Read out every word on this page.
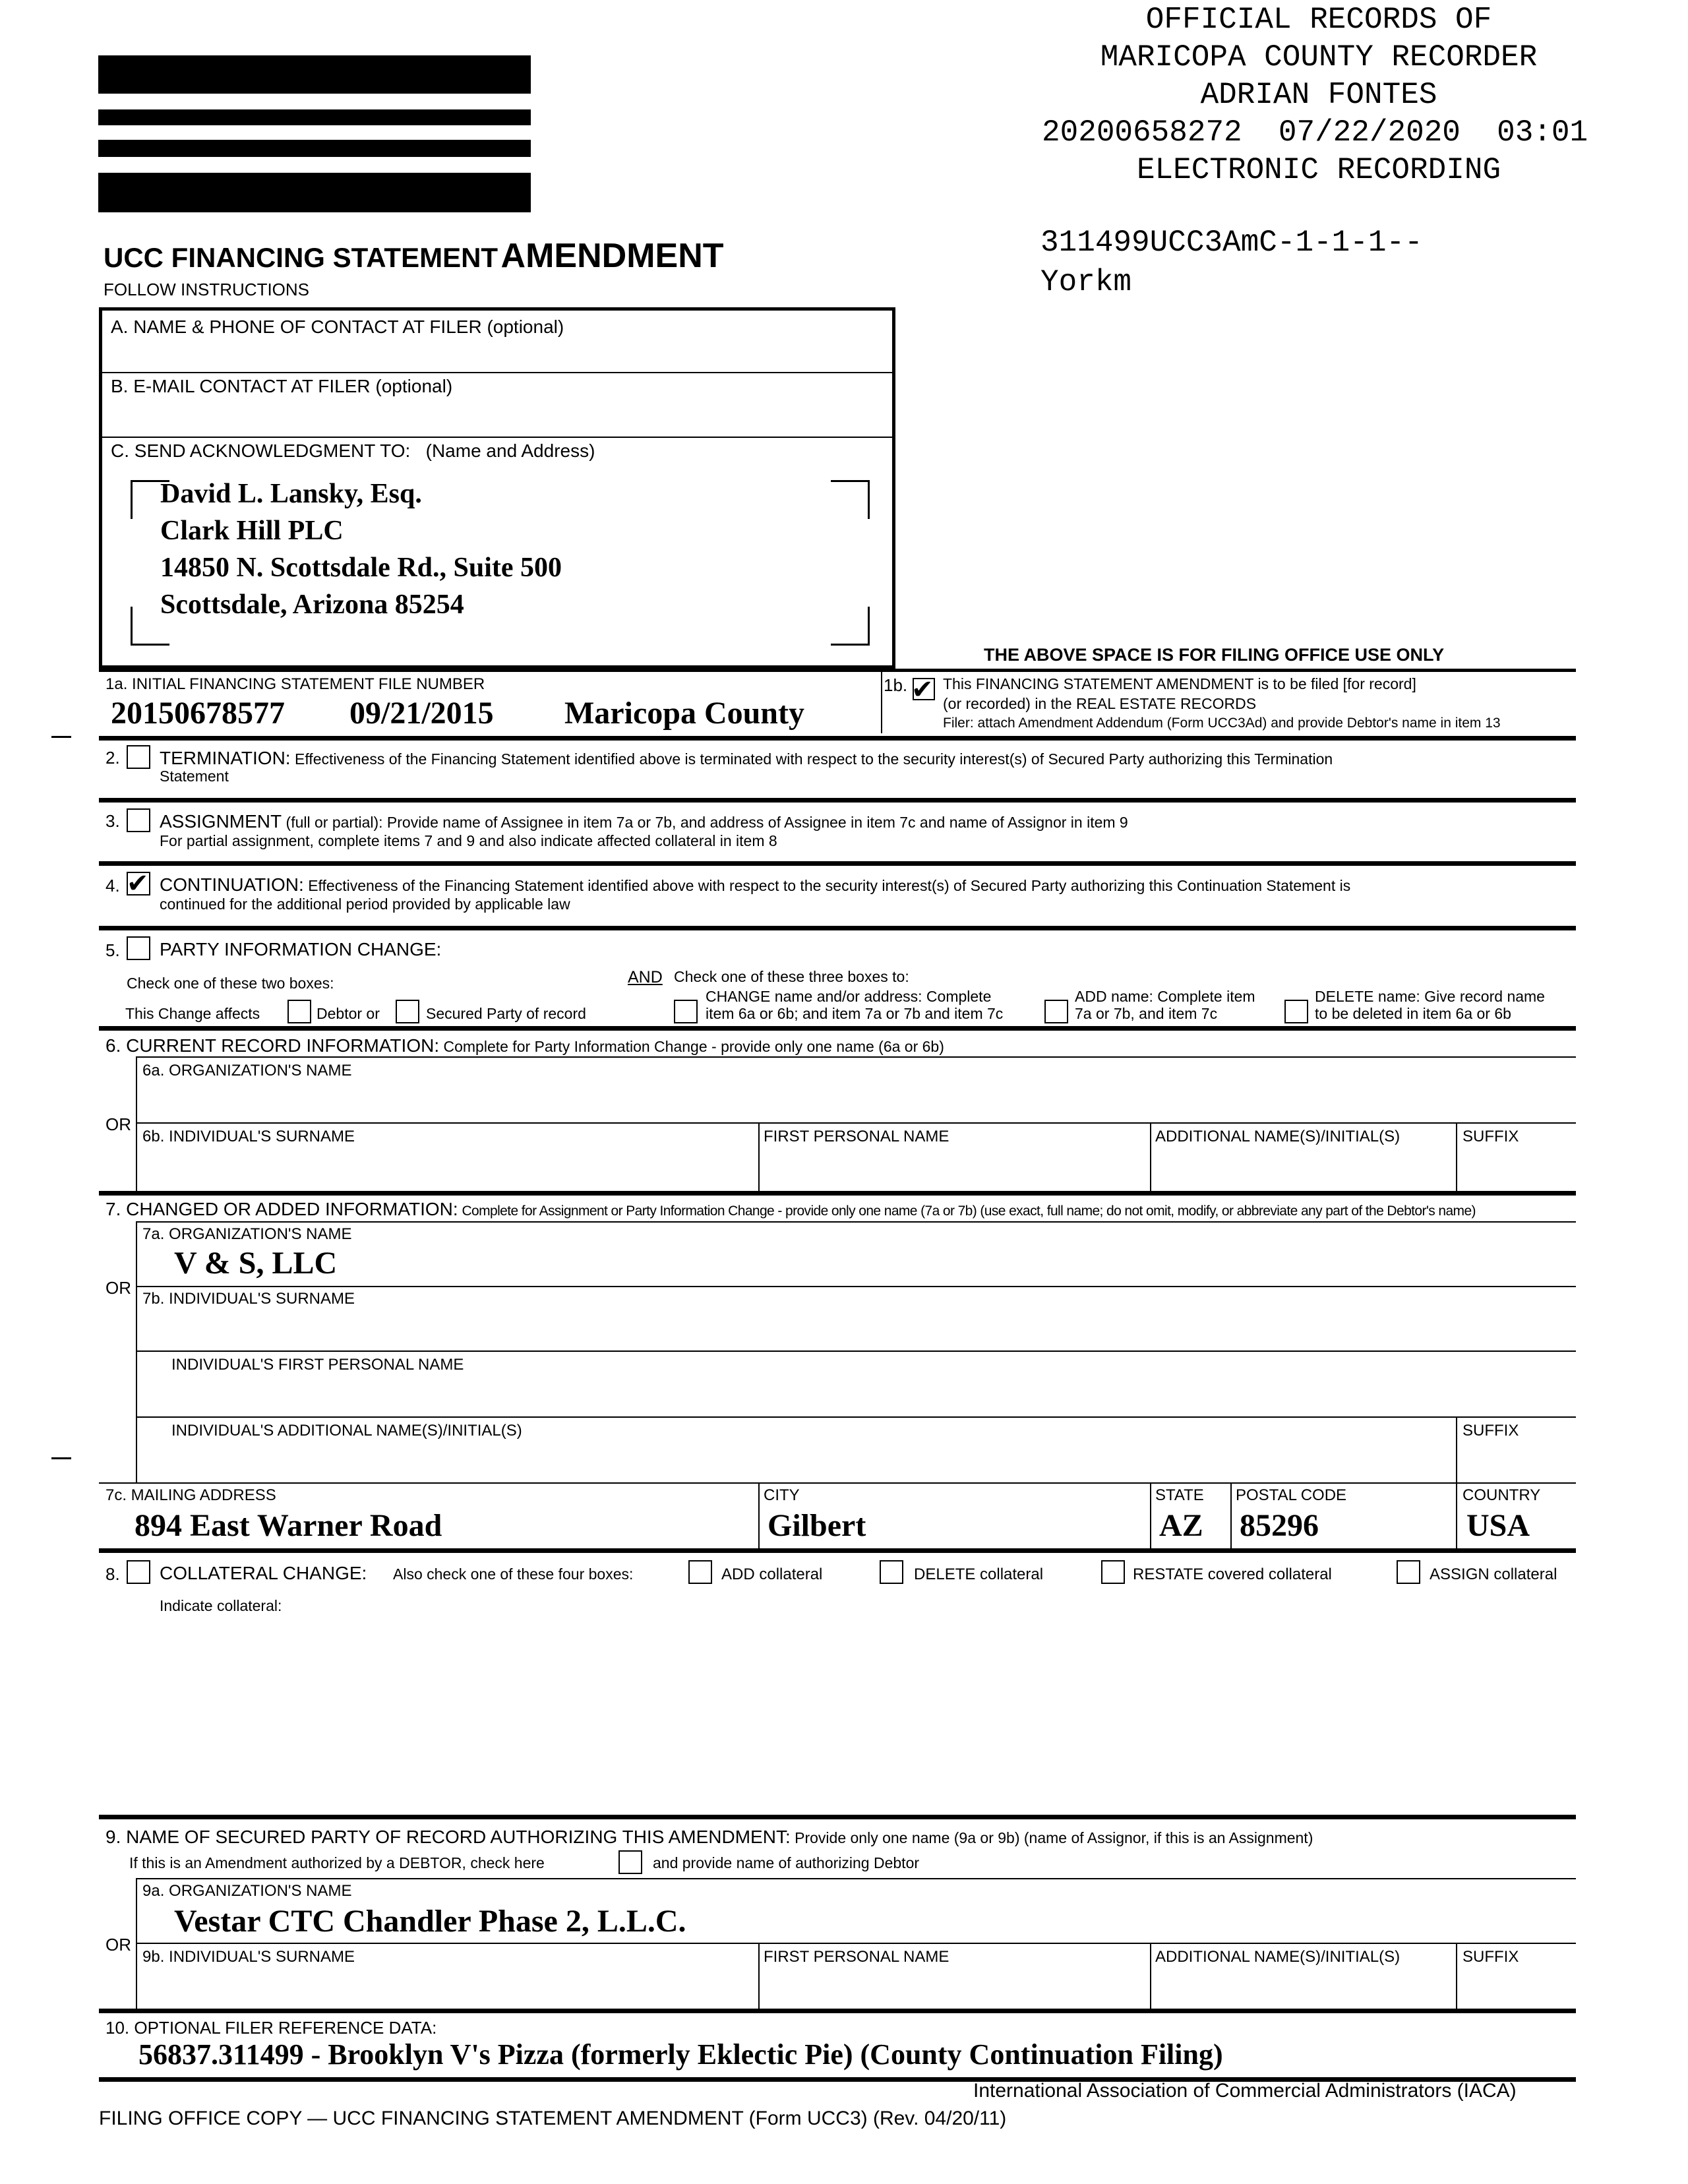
OFFICIAL RECORDS OF
MARICOPA COUNTY RECORDER
ADRIAN FONTES
20200658272  07/22/2020  03:01
ELECTRONIC RECORDING
311499UCC3AmC-1-1-1--
Yorkm
UCC FINANCING STATEMENT AMENDMENT
FOLLOW INSTRUCTIONS
A. NAME & PHONE OF CONTACT AT FILER (optional)
B. E-MAIL CONTACT AT FILER (optional)
C. SEND ACKNOWLEDGMENT TO:   (Name and Address)
David L. Lansky, Esq.
Clark Hill PLC
14850 N. Scottsdale Rd., Suite 500
Scottsdale, Arizona 85254
THE ABOVE SPACE IS FOR FILING OFFICE USE ONLY
1a. INITIAL FINANCING STATEMENT FILE NUMBER
20150678577 09/21/2015 Maricopa County
1b. ✔ This FINANCING STATEMENT AMENDMENT is to be filed [for record]
(or recorded) in the REAL ESTATE RECORDS
Filer: attach Amendment Addendum (Form UCC3Ad) and provide Debtor's name in item 13
2. TERMINATION: Effectiveness of the Financing Statement identified above is terminated with respect to the security interest(s) of Secured Party authorizing this Termination
Statement
3. ASSIGNMENT (full or partial): Provide name of Assignee in item 7a or 7b, and address of Assignee in item 7c and name of Assignor in item 9
For partial assignment, complete items 7 and 9 and also indicate affected collateral in item 8
4. ✔ CONTINUATION: Effectiveness of the Financing Statement identified above with respect to the security interest(s) of Secured Party authorizing this Continuation Statement is
continued for the additional period provided by applicable law
5. PARTY INFORMATION CHANGE:
Check one of these two boxes:	AND Check one of these three boxes to:
This Change affects	Debtor or	Secured Party of record
CHANGE name and/or address: Complete
item 6a or 6b; and item 7a or 7b and item 7c
ADD name: Complete item
7a or 7b, and item 7c
DELETE name: Give record name
to be deleted in item 6a or 6b
6. CURRENT RECORD INFORMATION: Complete for Party Information Change - provide only one name (6a or 6b)
6a. ORGANIZATION'S NAME
OR
6b. INDIVIDUAL'S SURNAME	FIRST PERSONAL NAME	ADDITIONAL NAME(S)/INITIAL(S)	SUFFIX
7. CHANGED OR ADDED INFORMATION: Complete for Assignment or Party Information Change - provide only one name (7a or 7b) (use exact, full name; do not omit, modify, or abbreviate any part of the Debtor's name)
7a. ORGANIZATION'S NAME
V & S, LLC
OR
7b. INDIVIDUAL'S SURNAME
INDIVIDUAL'S FIRST PERSONAL NAME
INDIVIDUAL'S ADDITIONAL NAME(S)/INITIAL(S)	SUFFIX
7c. MAILING ADDRESS
894 East Warner Road
CITY
Gilbert
STATE
AZ
POSTAL CODE
85296
COUNTRY
USA
8. COLLATERAL CHANGE: Also check one of these four boxes:	ADD collateral	DELETE collateral	RESTATE covered collateral	ASSIGN collateral
Indicate collateral:
9. NAME OF SECURED PARTY OF RECORD AUTHORIZING THIS AMENDMENT: Provide only one name (9a or 9b) (name of Assignor, if this is an Assignment)
If this is an Amendment authorized by a DEBTOR, check here	and provide name of authorizing Debtor
9a. ORGANIZATION'S NAME
Vestar CTC Chandler Phase 2, L.L.C.
OR
9b. INDIVIDUAL'S SURNAME	FIRST PERSONAL NAME	ADDITIONAL NAME(S)/INITIAL(S)	SUFFIX
10. OPTIONAL FILER REFERENCE DATA:
56837.311499 - Brooklyn V's Pizza (formerly Eklectic Pie) (County Continuation Filing)
International Association of Commercial Administrators (IACA)
FILING OFFICE COPY — UCC FINANCING STATEMENT AMENDMENT (Form UCC3) (Rev. 04/20/11)
